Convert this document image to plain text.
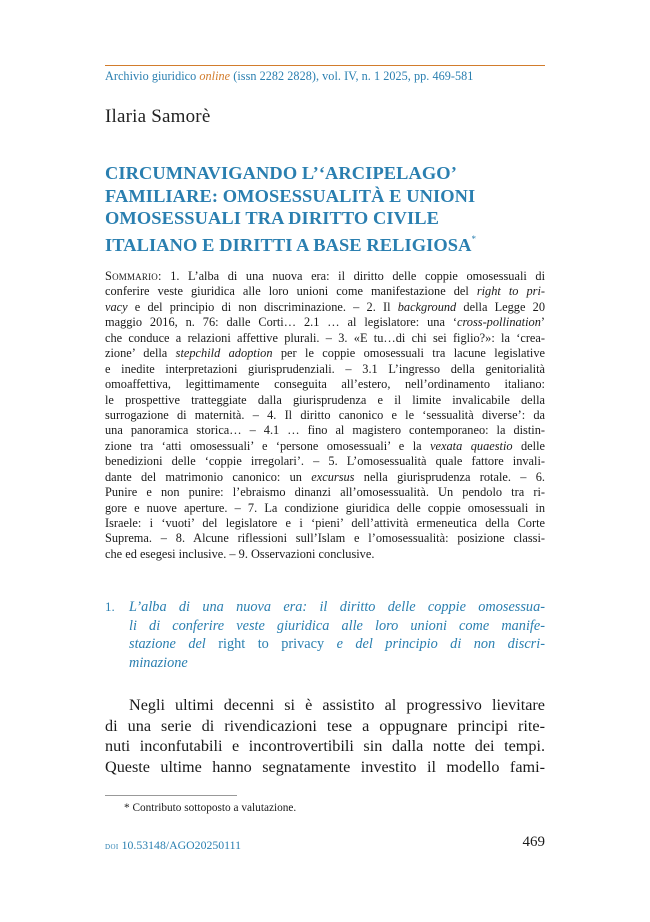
Archivio giuridico online (issn 2282 2828), vol. IV, n. 1 2025, pp. 469-581
Ilaria Samorè
CIRCUMNAVIGANDO L’‘ARCIPELAGO’
FAMILIARE: OMOSESSUALITÀ E UNIONI
OMOSESSUALI TRA DIRITTO CIVILE
ITALIANO E DIRITTI A BASE RELIGIOSA*
Sommario: 1. L’alba di una nuova era: il diritto delle coppie omosessuali di
conferire veste giuridica alle loro unioni come manifestazione del right to pri-
vacy e del principio di non discriminazione. – 2. Il background della Legge 20
maggio 2016, n. 76: dalle Corti… 2.1 … al legislatore: una ‘cross-pollination’
che conduce a relazioni affettive plurali. – 3. «E tu…di chi sei figlio?»: la ‘crea-
zione’ della stepchild adoption per le coppie omosessuali tra lacune legislative
e inedite interpretazioni giurisprudenziali. – 3.1 L’ingresso della genitorialità
omoaffettiva, legittimamente conseguita all’estero, nell’ordinamento italiano:
le prospettive tratteggiate dalla giurisprudenza e il limite invalicabile della
surrogazione di maternità. – 4. Il diritto canonico e le ‘sessualità diverse’: da
una panoramica storica… – 4.1 … fino al magistero contemporaneo: la distin-
zione tra ‘atti omosessuali’ e ‘persone omosessuali’ e la vexata quaestio delle
benedizioni delle ‘coppie irregolari’. – 5. L’omosessualità quale fattore invali-
dante del matrimonio canonico: un excursus nella giurisprudenza rotale. – 6.
Punire e non punire: l’ebraismo dinanzi all’omosessualità. Un pendolo tra ri-
gore e nuove aperture. – 7. La condizione giuridica delle coppie omosessuali in
Israele: i ‘vuoti’ del legislatore e i ‘pieni’ dell’attività ermeneutica della Corte
Suprema. – 8. Alcune riflessioni sull’Islam e l’omosessualità: posizione classi-
che ed esegesi inclusive. – 9. Osservazioni conclusive.
1. L’alba di una nuova era: il diritto delle coppie omosessua-
li di conferire veste giuridica alle loro unioni come manife-
stazione del right to privacy e del principio di non discri-
minazione
Negli ultimi decenni si è assistito al progressivo lievitare
di una serie di rivendicazioni tese a oppugnare principi rite-
nuti inconfutabili e incontrovertibili sin dalla notte dei tempi.
Queste ultime hanno segnatamente investito il modello fami-
* Contributo sottoposto a valutazione.
doi 10.53148/AGO20250111	469
